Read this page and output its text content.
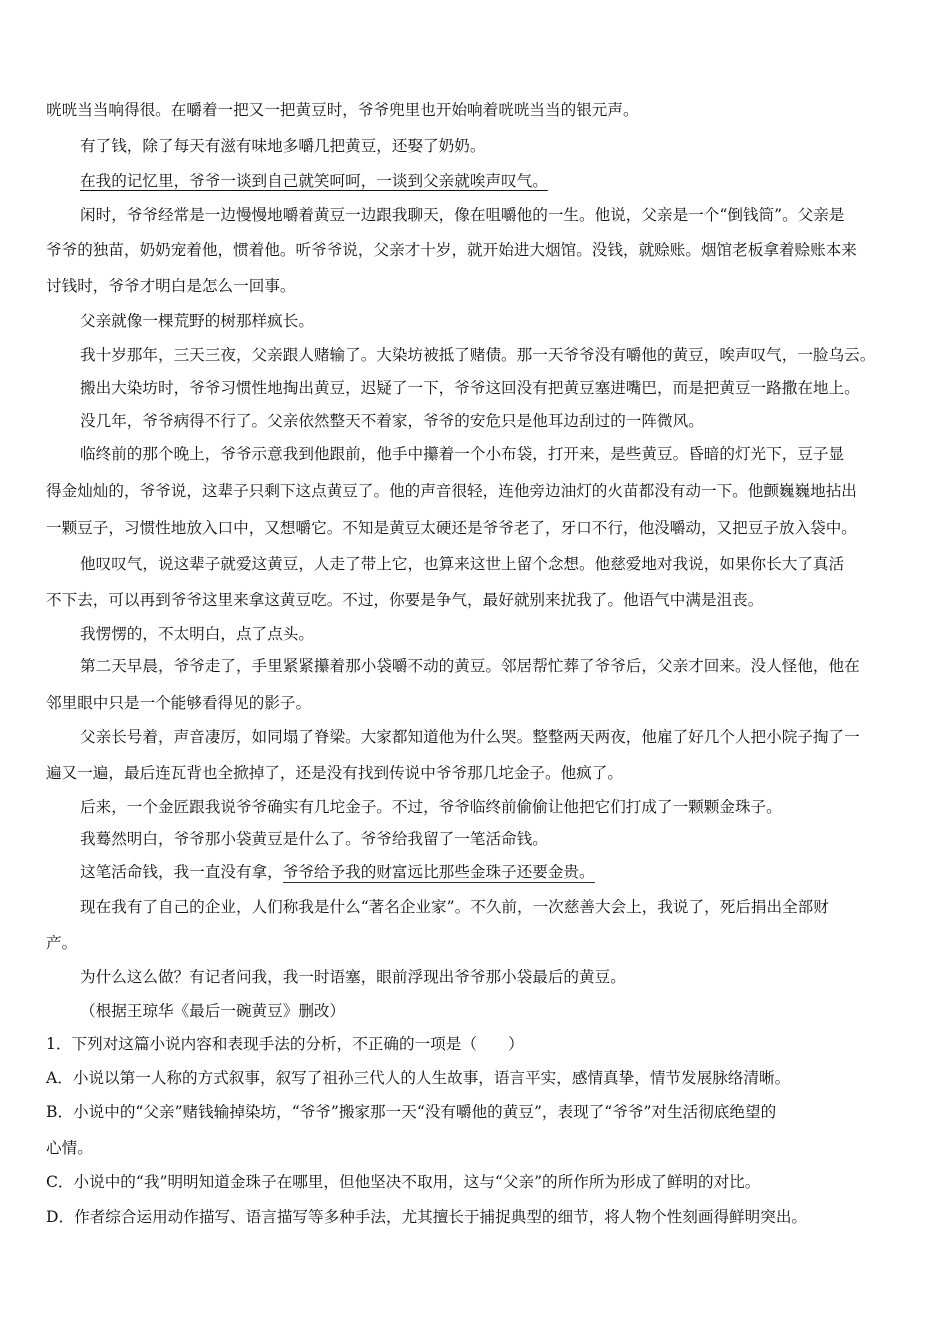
咣咣当当响得很。在嚼着一把又一把黄豆时，爷爷兜里也开始响着咣咣当当的银元声。
有了钱，除了每天有滋有味地多嚼几把黄豆，还娶了奶奶。
在我的记忆里，爷爷一谈到自己就笑呵呵，一谈到父亲就唉声叹气。
闲时，爷爷经常是一边慢慢地嚼着黄豆一边跟我聊天，像在咀嚼他的一生。他说，父亲是一个“倒钱筒”。父亲是
爷爷的独苗，奶奶宠着他，惯着他。听爷爷说，父亲才十岁，就开始进大烟馆。没钱，就赊账。烟馆老板拿着赊账本来
讨钱时，爷爷才明白是怎么一回事。
父亲就像一棵荒野的树那样疯长。
我十岁那年，三天三夜，父亲跟人赌输了。大染坊被抵了赌债。那一天爷爷没有嚼他的黄豆，唉声叹气，一脸乌云。
搬出大染坊时，爷爷习惯性地掏出黄豆，迟疑了一下，爷爷这回没有把黄豆塞进嘴巴，而是把黄豆一路撒在地上。
没几年，爷爷病得不行了。父亲依然整天不着家，爷爷的安危只是他耳边刮过的一阵微风。
临终前的那个晚上，爷爷示意我到他跟前，他手中攥着一个小布袋，打开来，是些黄豆。昏暗的灯光下，豆子显
得金灿灿的，爷爷说，这辈子只剩下这点黄豆了。他的声音很轻，连他旁边油灯的火苗都没有动一下。他颤巍巍地拈出
一颗豆子，习惯性地放入口中，又想嚼它。不知是黄豆太硬还是爷爷老了，牙口不行，他没嚼动，又把豆子放入袋中。
他叹叹气，说这辈子就爱这黄豆，人走了带上它，也算来这世上留个念想。他慈爱地对我说，如果你长大了真活
不下去，可以再到爷爷这里来拿这黄豆吃。不过，你要是争气，最好就别来扰我了。他语气中满是沮丧。
我愣愣的，不太明白，点了点头。
第二天早晨，爷爷走了，手里紧紧攥着那小袋嚼不动的黄豆。邻居帮忙葬了爷爷后，父亲才回来。没人怪他，他在
邻里眼中只是一个能够看得见的影子。
父亲长号着，声音凄厉，如同塌了脊梁。大家都知道他为什么哭。整整两天两夜，他雇了好几个人把小院子掏了一
遍又一遍，最后连瓦背也全掀掉了，还是没有找到传说中爷爷那几坨金子。他疯了。
后来，一个金匠跟我说爷爷确实有几坨金子。不过，爷爷临终前偷偷让他把它们打成了一颗颗金珠子。
我蓦然明白，爷爷那小袋黄豆是什么了。爷爷给我留了一笔活命钱。
这笔活命钱，我一直没有拿，爷爷给予我的财富远比那些金珠子还要金贵。
现在我有了自己的企业，人们称我是什么“著名企业家”。不久前，一次慈善大会上，我说了，死后捐出全部财
产。
为什么这么做？有记者问我，我一时语塞，眼前浮现出爷爷那小袋最后的黄豆。
（根据王琼华《最后一碗黄豆》删改）
1．下列对这篇小说内容和表现手法的分析，不正确的一项是（　　）
A．小说以第一人称的方式叙事，叙写了祖孙三代人的人生故事，语言平实，感情真挚，情节发展脉络清晰。
B．小说中的“父亲”赌钱输掉染坊，“爷爷”搬家那一天“没有嚼他的黄豆”，表现了“爷爷”对生活彻底绝望的
心情。
C．小说中的“我”明明知道金珠子在哪里，但他坚决不取用，这与“父亲”的所作所为形成了鲜明的对比。
D．作者综合运用动作描写、语言描写等多种手法，尤其擅长于捕捉典型的细节，将人物个性刻画得鲜明突出。
